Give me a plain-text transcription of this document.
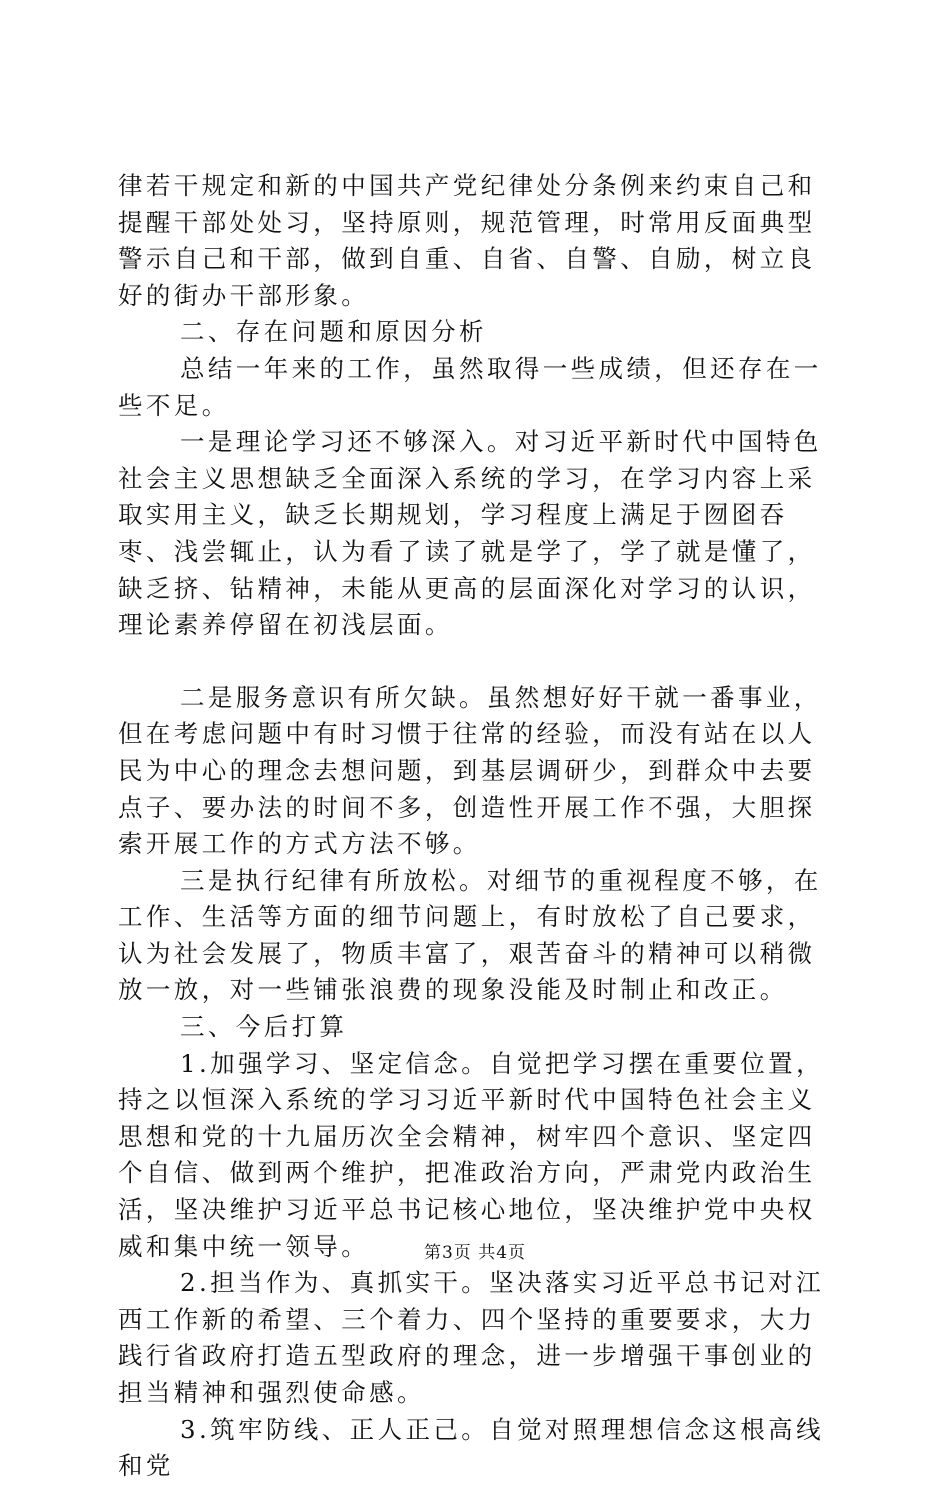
律若干规定和新的中国共产党纪律处分条例来约束自己和提醒干部处处习，坚持原则，规范管理，时常用反面典型警示自己和干部，做到自重、自省、自警、自励，树立良好的街办干部形象。

二、存在问题和原因分析

总结一年来的工作，虽然取得一些成绩，但还存在一些不足。

一是理论学习还不够深入。对习近平新时代中国特色社会主义思想缺乏全面深入系统的学习，在学习内容上采取实用主义，缺乏长期规划，学习程度上满足于囫囵吞枣、浅尝辄止，认为看了读了就是学了，学了就是懂了，缺乏挤、钻精神，未能从更高的层面深化对学习的认识，理论素养停留在初浅层面。

二是服务意识有所欠缺。虽然想好好干就一番事业，但在考虑问题中有时习惯于往常的经验，而没有站在以人民为中心的理念去想问题，到基层调研少，到群众中去要点子、要办法的时间不多，创造性开展工作不强，大胆探索开展工作的方式方法不够。

三是执行纪律有所放松。对细节的重视程度不够，在工作、生活等方面的细节问题上，有时放松了自己要求，认为社会发展了，物质丰富了，艰苦奋斗的精神可以稍微放一放，对一些铺张浪费的现象没能及时制止和改正。

三、今后打算

1.加强学习、坚定信念。自觉把学习摆在重要位置，持之以恒深入系统的学习习近平新时代中国特色社会主义思想和党的十九届历次全会精神，树牢四个意识、坚定四个自信、做到两个维护，把准政治方向，严肃党内政治生活，坚决维护习近平总书记核心地位，坚决维护党中央权威和集中统一领导。

2.担当作为、真抓实干。坚决落实习近平总书记对江西工作新的希望、三个着力、四个坚持的重要要求，大力践行省政府打造五型政府的理念，进一步增强干事创业的担当精神和强烈使命感。

3.筑牢防线、正人正己。自觉对照理想信念这根高线和党

第3页 共4页
